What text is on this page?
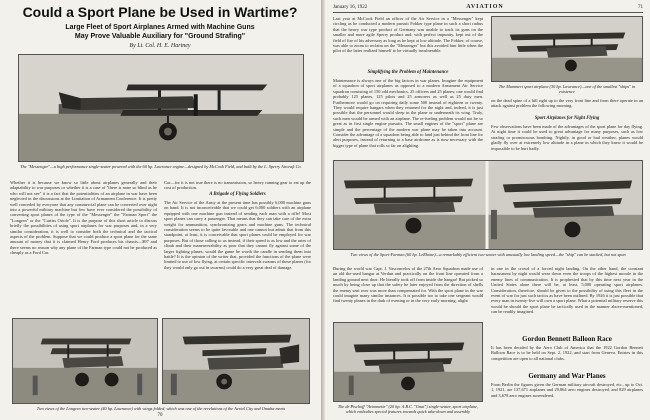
Could a Sport Plane be Used in Wartime?
Large Fleet of Sport Airplanes Armed with Machine Guns
May Prove Valuable Auxiliary for "Ground Strafing"
By Lt. Col. H. E. Hartney
The "Messenger"—a high performance single-seater powered with the 60 hp. Lawrance engine—designed by McCook Field, and built by the L. Sperry Aircraft Co.
Whether it is because we know so little about airplanes generally and their adaptability to war purposes or whether it is a case of "there is none so blind as he who will not see" it is a fact that the potentialities of an airplane in war have been neglected in the discussions at the Limitation of Armament Conference. It is pretty well conceded by everyone that any commercial plane can be converted over night into a powerful military machine but few have ever considered the possibility of converting sport planes of the type of the "Messenger" the "Farman Sport" the "Longren" or the "Curtiss Oriole". It is the purpose of this short article to discuss briefly the possibilities of using sport airplanes for war purposes and, in a very similar consideration, it is well to consider both the technical and the tactical aspects of the problem. Suppose that we could produce a sport plane for the same amount of money that it is claimed Henry Ford produces his chassis—$97 and there seems no reason why any plane of the Farman type could not be produced as cheaply as a Ford Car.
Car—for it is not true there is no transmission, so heavy running gear to eat up the cost of production.
A Brigade of Flying Soldiers
The Air Service of the Army at the present time has possibly 6,000 machine guns on hand. It is not inconceivable that we could get 6,000 soldiers with an airplane equipped with one machine gun instead of sending each man with a rifle! Most sport planes can carry a passenger. That means that they can take care of the extra weight for ammunition, synchronizing gears and machine guns. The technical consideration seems to be quite favorable and one cannot but admit that from this standpoint, at least, it is conceivable that sport planes could be employed for war purposes. But of those calling to us instead, if their speed is as low and the rates of climb and their maneuverability as poor that they cannot fly against some of the larger fighting planes, would the game be worth the candle in sending them into battle? It is the opinion of the writer that, provided the functions of the plane were limited to use of low flying, at certain specific intervals swarms of these planes (for they would only go out in swarms) could do a very great deal of damage.
Two views of the Longren two-seater (40 hp. Lawrance) with wings folded, which was one of the revelations of the Aerial City and Omaha meets
70
January 16, 1922	AVIATION	71
Last year at McCook Field an officer of the Air Service in a "Messenger" kept circling as he conducted a modern pursuit Fokker type plane in such a short radius that the heavy war type product of Germany was unable to track its guns on the smaller and more agile Sperry product and, with perfect impunity, kept out of the field of fire of his adversary as long as he kept at low altitude. The Fokker, of course, was able to zoom to reclaim on the "Messenger" but this avoided him little when the pilot of the latter realized himself to be virtually invulnerable.
Simplifying the Problem of Maintenance
Maintenance is always one of the big factors in war planes. Imagine the equipment of a squadron of sport airplanes as opposed to a modern Armament Air Service squadron consisting of 150 odd mechanics, 25 officers and 25 planes; one would find probably 125 planes, 125 pilots and 25 armorers as well as 25 duty men. Furthermore would go on requiring daily some 500 instead of eighteen or twenty. They would require hangars when they returned for the night and, indeed, it is just possible that the personnel would sleep in the plane or underneath its wing. Truly, such men would be armed with an airplane. The re-fueling problem would not be so great as in first single engine pursuits. The small engines of the "sport" plane are simple and the percentage of the modern war plane may be taken into account. Consider the advantage of a squadron being able to land just behind the front line for alert purposes, instead of returning to a base airdrome as is now necessary with the bigger type of plane that rolls so far on alighting.
Two views of the Sport-Farman (60 hp. LeRhone)—a remarkably efficient two-seater with unusually low landing speed—the "ship" can be stacked, but not spun
During the world war Capt. J. Vasconcelos of the 27th Aero Squadron made use of an old the-used hangar at Verdun and practically on the front line operated from a landing ground next door. He literally took off from inside the hangar! But picked so much by being close up that the safety he later enjoyed from the direction of shells the enemy sent over was more than compensated for. With the sport plane in the war could imagine many similar instances. It is possible too to take one sergeant would find twenty planes in the dark of evening or in the very early morning, alight
The de Pischoff "Avionnette" (20 hp. A.B.C. "Gnat") single-seater, sport airplane, which embodies special features towards quick take-down and assembly
The Mummert sport airplane (30 hp. Lawrance)—one of the smallest "ships" in existence
on the dead spine of a hill right up to the very front line and from there operate in an attack against problem the following morning.
Sport Airplanes for Night Flying
Few observations have been made of the advantages of the sport plane for day flying. At night time it could be used to great advantage for many purposes, such as low strafing or promiscuous bombing. Nightly, in good or bad weather, planes would gladly fly over at extremely low altitude in a plane in which they knew it would be impossible to be hurt badly.
in one in the crowd of a forced night landing. On the other hand, the constant harassment by night would wear down even the troops of the highest morale in the enemy lines of communication. It is prophesied that by this time next year in the United States alone there will be, at least, 5,000 operating sport airplanes. Consideration, therefore, should be given to the possibility of using this fleet in the event of war for just such tactics as have been outlined. By 1926 it is just possible that every man in twenty-five will own a sport plane. What a potential military reserve this would be should the sport plane be tactically used in the manner above-mentioned, can be readily imagined.
Gordon Bennett Balloon Race
It has been decided by the Aero Club of America that the 1922 Gordon Bennett Balloon Race is to be held on Sept. 2, 1922, and start from Geneva. Entries in this competition are open to all national clubs.
Germany and War Planes
From Berlin the figures given the German military aircraft destroyed, etc., up to Oct. 1, 1921, are 137,671 airplanes and 29,864 aero engines destroyed, and 829 airplanes and 3,678 aero engines surrendered.
